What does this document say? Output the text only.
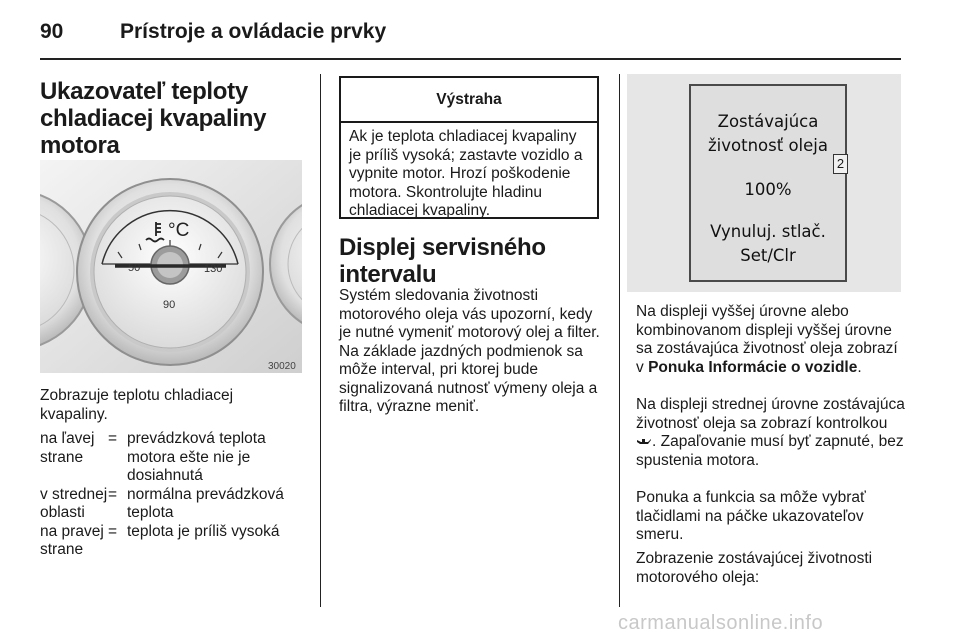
90	Prístroje a ovládacie prvky
Ukazovateľ teploty
chladiacej kvapaliny
motora
°C
50	130
90
30020
Zobrazuje teplotu chladiacej kvapaliny.
na ľavej strane
= prevádzková teplota motora ešte nie je dosiahnutá
v strednej oblasti
= normálna prevádzková teplota
na pravej strane
= teplota je príliš vysoká
Výstraha
Ak je teplota chladiacej kvapaliny je príliš vysoká; zastavte vozidlo a vypnite motor. Hrozí poškodenie motora. Skontrolujte hladinu chladiacej kvapaliny.
Displej servisného
intervalu
Systém sledovania životnosti motorového oleja vás upozorní, kedy je nutné vymeniť motorový olej a filter. Na základe jazdných podmienok sa môže interval, pri ktorej bude signalizovaná nutnosť výmeny oleja a filtra, výrazne meniť.
Zostávajúca
životnosť oleja
100%
Vynuluj. stlač.
Set/Clr
2
Na displeji vyššej úrovne alebo kombinovanom displeji vyššej úrovne sa zostávajúca životnosť oleja zobrazí v Ponuka Informácie o vozidle.
Na displeji strednej úrovne zostávajúca životnosť oleja sa zobrazí kontrolkou . Zapaľovanie musí byť zapnuté, bez spustenia motora.
Ponuka a funkcia sa môže vybrať tlačidlami na páčke ukazovateľov smeru.
Zobrazenie zostávajúcej životnosti motorového oleja:
carmanualsonline.info
